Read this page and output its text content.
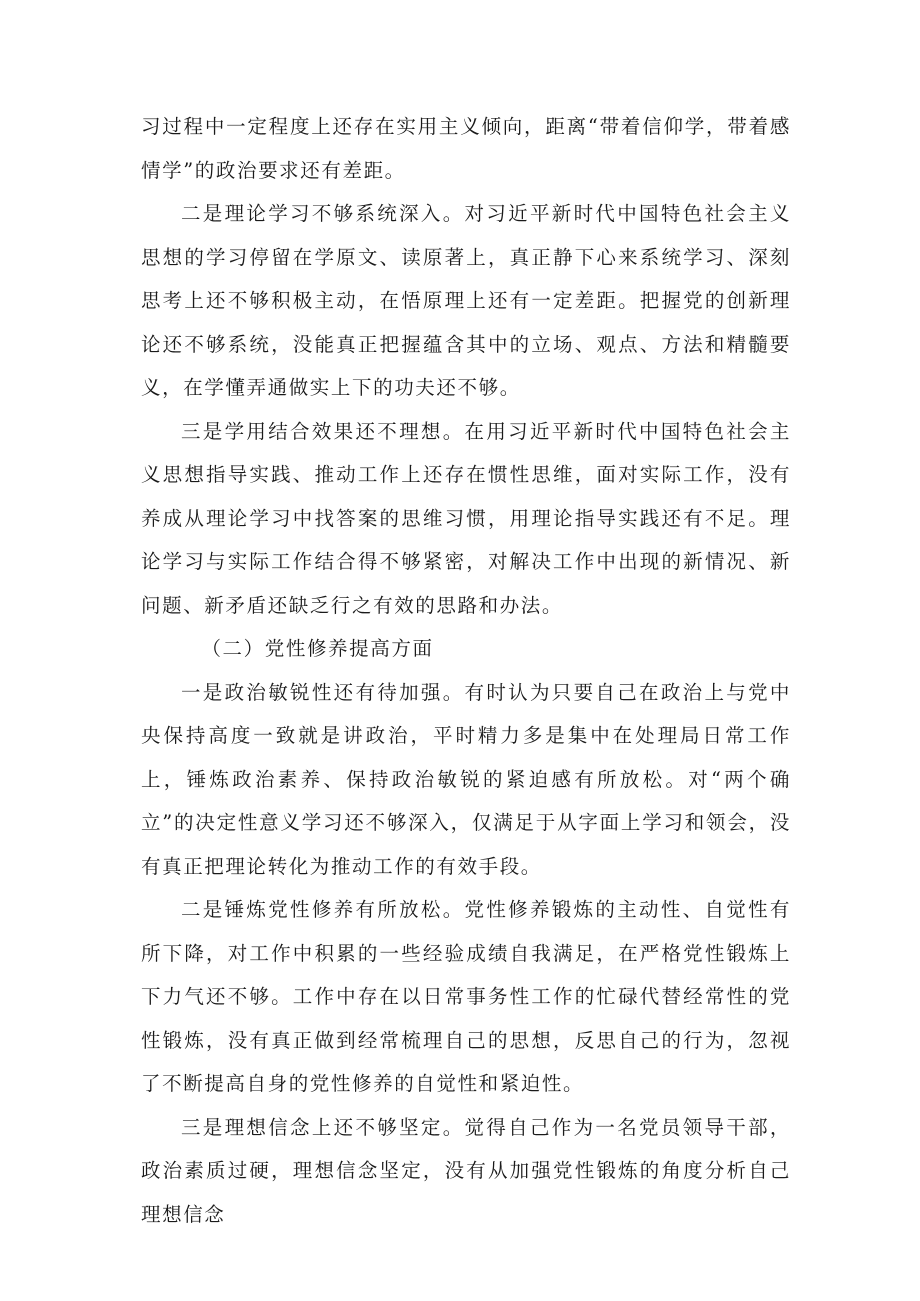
习过程中一定程度上还存在实用主义倾向，距离“带着信仰学，带着感情学”的政治要求还有差距。

二是理论学习不够系统深入。对习近平新时代中国特色社会主义思想的学习停留在学原文、读原著上，真正静下心来系统学习、深刻思考上还不够积极主动，在悟原理上还有一定差距。把握党的创新理论还不够系统，没能真正把握蕴含其中的立场、观点、方法和精髓要义，在学懂弄通做实上下的功夫还不够。

三是学用结合效果还不理想。在用习近平新时代中国特色社会主义思想指导实践、推动工作上还存在惯性思维，面对实际工作，没有养成从理论学习中找答案的思维习惯，用理论指导实践还有不足。理论学习与实际工作结合得不够紧密，对解决工作中出现的新情况、新问题、新矛盾还缺乏行之有效的思路和办法。

（二）党性修养提高方面

一是政治敏锐性还有待加强。有时认为只要自己在政治上与党中央保持高度一致就是讲政治，平时精力多是集中在处理局日常工作上，锤炼政治素养、保持政治敏锐的紧迫感有所放松。对“两个确立”的决定性意义学习还不够深入，仅满足于从字面上学习和领会，没有真正把理论转化为推动工作的有效手段。

二是锤炼党性修养有所放松。党性修养锻炼的主动性、自觉性有所下降，对工作中积累的一些经验成绩自我满足，在严格党性锻炼上下力气还不够。工作中存在以日常事务性工作的忙碌代替经常性的党性锻炼，没有真正做到经常梳理自己的思想，反思自己的行为，忽视了不断提高自身的党性修养的自觉性和紧迫性。

三是理想信念上还不够坚定。觉得自己作为一名党员领导干部，政治素质过硬，理想信念坚定，没有从加强党性锻炼的角度分析自己理想信念
